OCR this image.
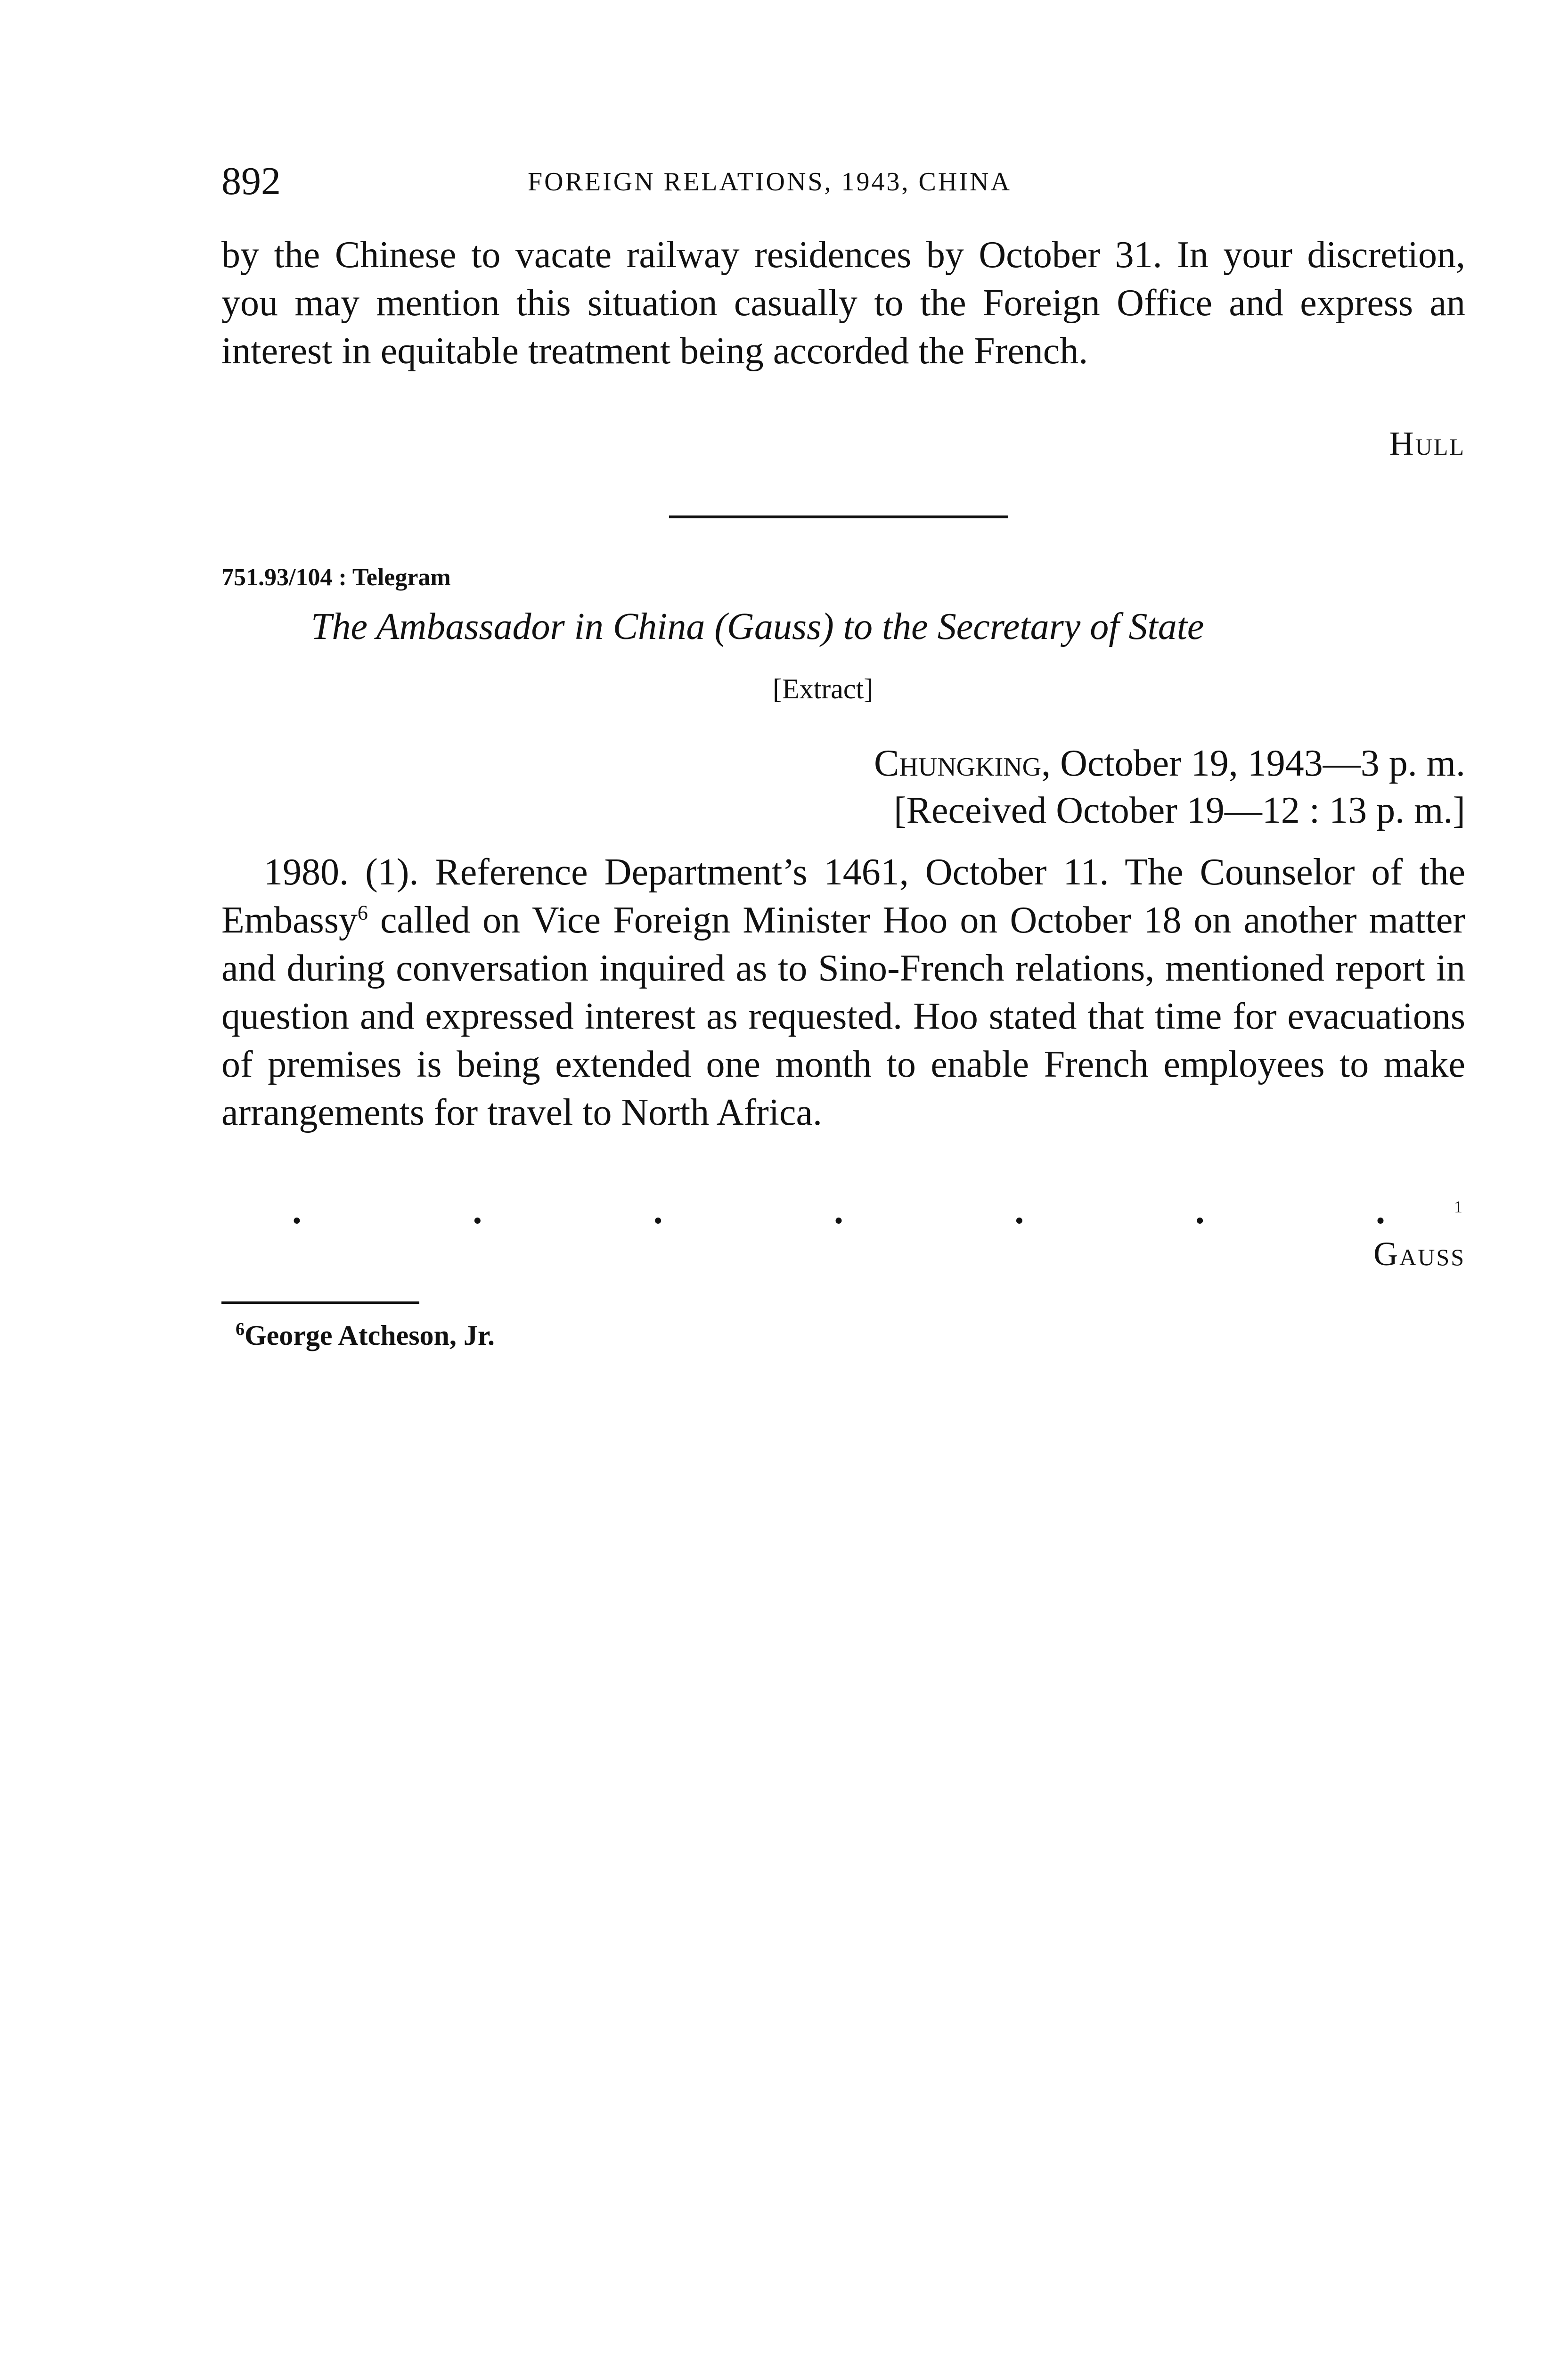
892	FOREIGN RELATIONS, 1943, CHINA

by the Chinese to vacate railway residences by October 31. In your discretion, you may mention this situation casually to the Foreign Office and express an interest in equitable treatment being accorded the French.

Hull
751.93/104 : Telegram
The Ambassador in China (Gauss) to the Secretary of State
[Extract]
Chungking, October 19, 1943—3 p. m.
[Received October 19—12 : 13 p. m.]

1980. (1). Reference Department’s 1461, October 11. The Counselor of the Embassy$^6$ called on Vice Foreign Minister Hoo on October 18 on another matter and during conversation inquired as to Sino-French relations, mentioned report in question and expressed interest as requested. Hoo stated that time for evacuations of premises is being extended one month to enable French employees to make arrangements for travel to North Africa.

.	.	.	.	.	.	.	1
Gauss
$^6$George Atcheson, Jr.
